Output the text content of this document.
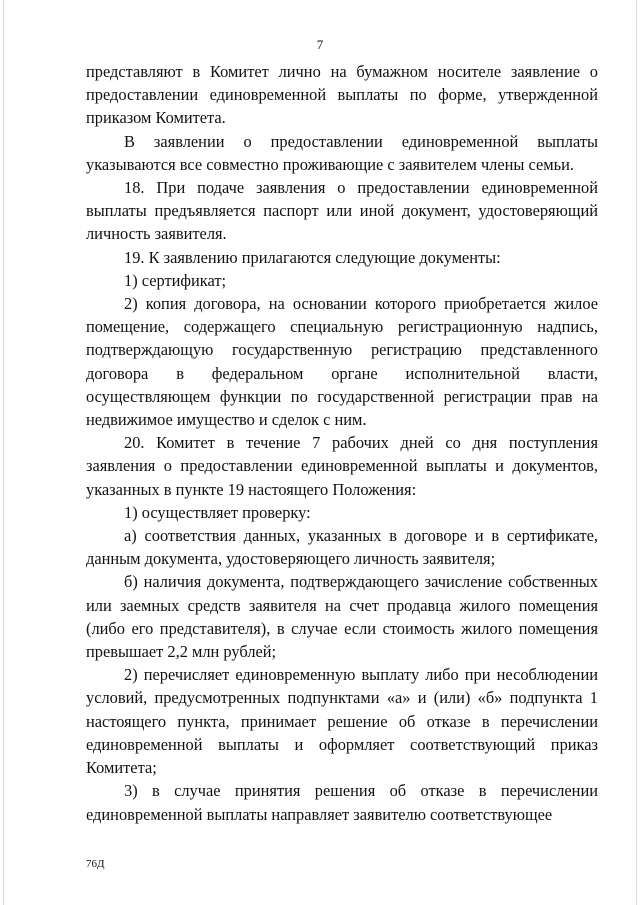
7

представляют в Комитет лично на бумажном носителе заявление о предоставлении единовременной выплаты по форме, утвержденной приказом Комитета.

В заявлении о предоставлении единовременной выплаты указываются все совместно проживающие с заявителем члены семьи.

18. При подаче заявления о предоставлении единовременной выплаты предъявляется паспорт или иной документ, удостоверяющий личность заявителя.

19. К заявлению прилагаются следующие документы:

1) сертификат;

2) копия договора, на основании которого приобретается жилое помещение, содержащего специальную регистрационную надпись, подтверждающую государственную регистрацию представленного договора в федеральном органе исполнительной власти, осуществляющем функции по государственной регистрации прав на недвижимое имущество и сделок с ним.

20. Комитет в течение 7 рабочих дней со дня поступления заявления о предоставлении единовременной выплаты и документов, указанных в пункте 19 настоящего Положения:

1) осуществляет проверку:

а) соответствия данных, указанных в договоре и в сертификате, данным документа, удостоверяющего личность заявителя;

б) наличия документа, подтверждающего зачисление собственных или заемных средств заявителя на счет продавца жилого помещения (либо его представителя), в случае если стоимость жилого помещения превышает 2,2 млн рублей;

2) перечисляет единовременную выплату либо при несоблюдении условий, предусмотренных подпунктами «а» и (или) «б» подпункта 1 настоящего пункта, принимает решение об отказе в перечислении единовременной выплаты и оформляет соответствующий приказ Комитета;

3) в случае принятия решения об отказе в перечислении единовременной выплаты направляет заявителю соответствующее

76Д
